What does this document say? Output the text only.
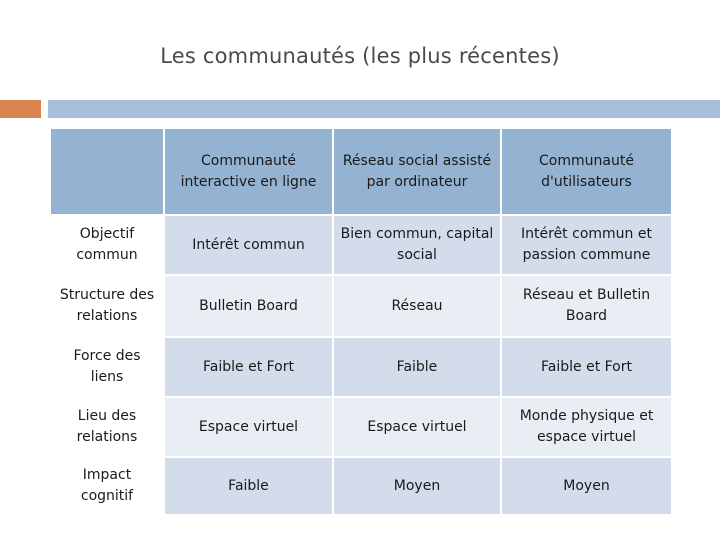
Les communautés (les plus récentes)
	Communauté interactive en ligne	Réseau social assisté par ordinateur	Communauté d'utilisateurs
Objectif commun	Intérêt commun	Bien commun, capital social	Intérêt commun et passion commune
Structure des relations	Bulletin Board	Réseau	Réseau et Bulletin Board
Force des liens	Faible et Fort	Faible	Faible et Fort
Lieu des relations	Espace virtuel	Espace virtuel	Monde physique et espace virtuel
Impact cognitif	Faible	Moyen	Moyen
